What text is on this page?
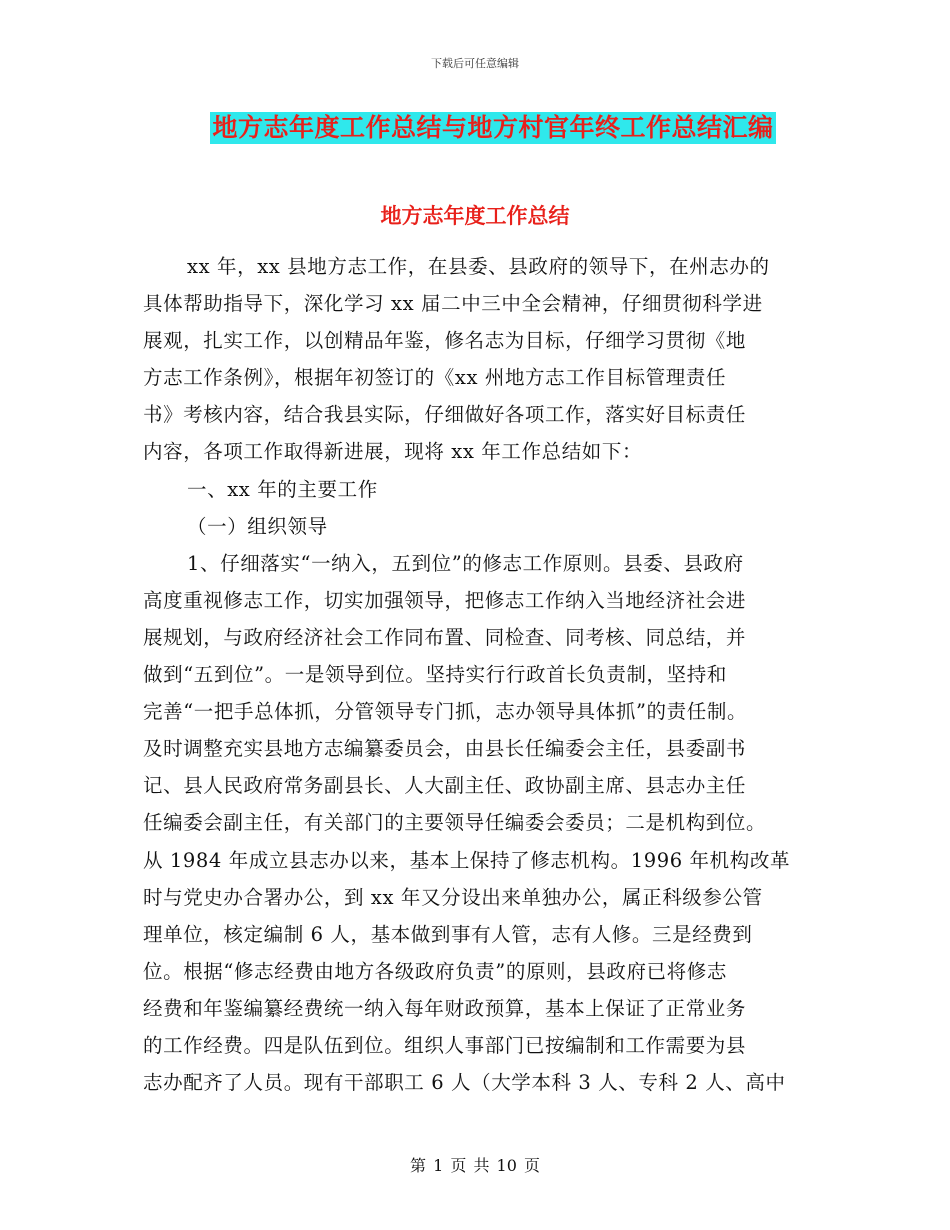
下载后可任意编辑
地方志年度工作总结与地方村官年终工作总结汇编
地方志年度工作总结
xx 年，xx 县地方志工作，在县委、县政府的领导下，在州志办的
具体帮助指导下，深化学习 xx 届二中三中全会精神，仔细贯彻科学进
展观，扎实工作，以创精品年鉴，修名志为目标，仔细学习贯彻《地
方志工作条例》，根据年初签订的《xx 州地方志工作目标管理责任
书》考核内容，结合我县实际，仔细做好各项工作，落实好目标责任
内容，各项工作取得新进展，现将 xx 年工作总结如下：
一、xx 年的主要工作
（一）组织领导
1、仔细落实“一纳入，五到位”的修志工作原则。县委、县政府
高度重视修志工作，切实加强领导，把修志工作纳入当地经济社会进
展规划，与政府经济社会工作同布置、同检查、同考核、同总结，并
做到“五到位”。一是领导到位。坚持实行行政首长负责制，坚持和
完善“一把手总体抓，分管领导专门抓，志办领导具体抓”的责任制。
及时调整充实县地方志编纂委员会，由县长任编委会主任，县委副书
记、县人民政府常务副县长、人大副主任、政协副主席、县志办主任
任编委会副主任，有关部门的主要领导任编委会委员；二是机构到位。
从 1984 年成立县志办以来，基本上保持了修志机构。1996 年机构改革
时与党史办合署办公，到 xx 年又分设出来单独办公，属正科级参公管
理单位，核定编制 6 人，基本做到事有人管，志有人修。三是经费到
位。根据“修志经费由地方各级政府负责”的原则，县政府已将修志
经费和年鉴编纂经费统一纳入每年财政预算，基本上保证了正常业务
的工作经费。四是队伍到位。组织人事部门已按编制和工作需要为县
志办配齐了人员。现有干部职工 6 人（大学本科 3 人、专科 2 人、高中
第 1 页 共 10 页
